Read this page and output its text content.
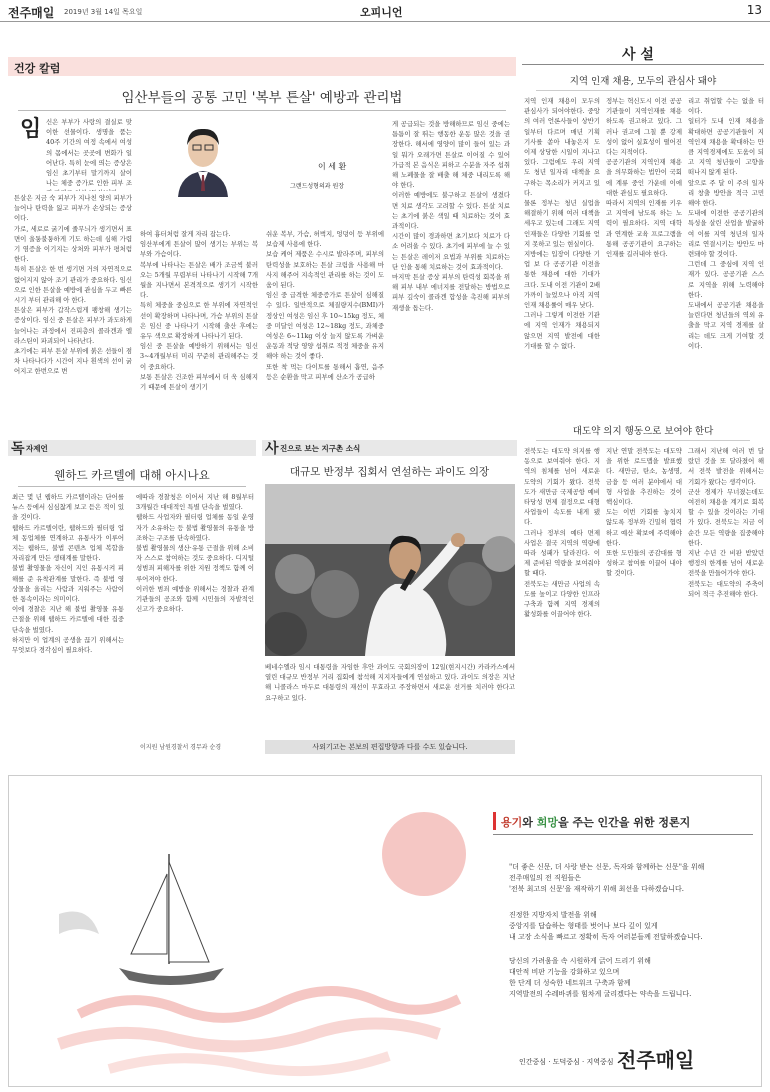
전주매일 2019년 3월 14일 목요일	오피니언	13
건강 칼럼
임산부들의 공통 고민 '복부 튼살' 예방과 관리법
임 신은 부부가 사랑의 결실로 맞이한 선물이다. 생명을 품는 40주 기간의 여정 속에서 여성의 몸에서는 곳곳에 변화가 일어난다. 특히 눈에 띄는 증상은 임신 초기부터 말기까지 살이 나는 체중 증가로 인한 피부 조
이 세 환
그랜드성형의과 원장
튼살은 지금 숙 피부가 지나친 양의 피부가 늘어나 탄력을 잃고 피부가 손상되는 증상이다.
가로, 세로로 굵기에 줄무늬가 생기면서 표면이 울퉁불퉁하게 기도 하는데 심해 가렵기 염증을 이기지는 상처와 피부가 평처럼 한다.
특히 튼살은 한 번 생기면 거의 자연적으로 없어지지 않아 조기 관리가 중요하다. 임신으로 인한 튼살을 예방에 관심을 두고 빠른 시기 부터 관리해 아 한다.
튼살은 피부가 갑작스럽게 팽창해 생기는 증상이다. 임신 중 튼살은 피부가 과도하게 늘어나는 과정에서 진피층의 콜라겐과 엘라스틴이 파괴되어 나타난다.
초기에는 피부 튼살 부위에 붉은 선들이 점차 나타나다가 시간이 지나 흰색의 선이 굵어지고 한번으로 변
하여 흉터처럼 잘게 자리 잡는다.
임산부에게 튼살이 많이 생기는 부위는 복부와 가슴이다.
복부에 나타나는 튼살은 배가 조금씩 불러오는 5개월 무렵부터 나타나기 시작해 7개월을 지나면서 본격적으로 생기기 시작한다.
특히 체중을 중심으로 한 부위에 자연적인 선이 확장하며 나타나며, 가슴 부위의 튼살은 임신 중 나타나기 시작해 출산 후에는 유두 색으로 확장하게 나타나기 된다.
임신 중 튼살을 예방하기 위해서는 임신 3~4개월부터 미리 꾸준히 관리해주는 것이 중요하다.
보통 튼살은 건조한 피부에서 더 욱 심해지기 때문에 튼살이 생기기
쉬운 복부, 가슴, 허벅지, 엉덩이 등 부위에 보습제 사용에 한다.
보습 케어 제품은 수시로 발라주며, 피부의 탄력성을 보호하는 튼살 크림을 사용해 마사지 해주어 지속적인 관리를 하는 것이 도움이 된다.
임신 중 급격한 체중증가로 튼살이 심해질 수 있다. 일반적으로 체질량지수(BMI)가 정상인 여성은 임신 후 10~15kg 정도, 체중 미달인 여성은 12~18kg 정도, 과체중 여성은 6~11kg 이상 늘지 않도록 가벼운 운동과 적당 영양 섭취로 적정 체중을 유지해야 하는 것이 좋다.
또한 착 먹는 다이트를 통해서 흡연, 음주 등은 순환을 막고 피부에 산소가 공급하
게 공급되는 것을 방해하므로 임신 중에는 틈틈이 잘 뛰는 행동한 운동 많은 것을 권장한다. 해서에 영양이 많이 들어 있는 과일 뭐가 오래가면 튼살로 이어질 수 있어 가급적 본 음식은 피하고 수분을 자주 섭취해 노폐물을 잘 배출 해 체중 내리도록 해야 한다.
이러한 예방에도 불구하고 튼살이 생겼다면 치료 생각도 고려할 수 있다. 튼살 치료는 초기에 붉은 색일 때 치료하는 것이 효과적이다.
시간이 많이 경과하면 초기보다 치료가 다소 어려울 수 있다. 초기에 피부에 늘 수 있는 튼살은 레이저 요법과 부위를 치료하는 단 인을 통해 치료하는 것이 효과적이다.
마지막 튼살 증상 피부의 탄력성 회복을 위해 피부 내부 에너지를 전달하는 방법으로 피부 깊숙이 콜라겐 합성을 촉진해 피부의 재생을 돕는다.
사 설
지역 인재 채용, 모두의 관심사 돼야
지역 인재 채용이 모두의 관심사가 되어야한다. 중앙의 여러 언론사들이 상반기 일부터 다르며 매년 기획 기사를 쏟아 내놓은지 도 이제 상당한 시일이 지나고 있다. 그럼에도 우리 지역도 청년 일자리 대책을 요구하는 목소리가 커지고 있다.
물론 정부는 청년 실업을 해결하기 위해 여러 대책을 세우고 있는데 그래도 지역인재들은 다양한 기회를 얻지 못하고 있는 현실이다.
지방에는 입장이 다양한 기업 보 다 공공기관 이전을 통한 채용에 대한 기대가 크다. 도내 이전 기관이 2배 가까이 늘었으나 아직 지역인재 채용률이 매우 낮다.
그러나 그렇게 이전한 기관에 지역 인재가 채용되지 않으면 지역 발전에 대한 기대를 할 수 없다.
정부는 혁신도시 이전 공공기관들이 지역인재를 채용하도록 권고하고 있다. 그러나 권고에 그칠 뿐 강제성이 없어 실효성이 떨어진다는 지적이다.
공공기관의 지역인재 채용을 의무화하는 법안이 국회에 계류 중인 가운데 이에 대한 관심도 필요하다.
따라서 지역의 인재를 키우고 지역에 남도록 하는 노력이 필요하다. 지역 대학과 연계한 교육 프로그램을 통해 공공기관이 요구하는 인재를 길러내야 한다.
리고 취업할 수는 없을 터이다.
일터가 도내 인재 채용을 확대하면 공공기관들이 지역인재 채용을 확대하는 만큼 지역경제에도 도움이 되고 지역 청년들이 고향을 떠나지 않게 된다.
앞으로 주 달 이 주의 일자리 창출 방안을 적극 고민해야 한다.
도내에 이전한 공공기관의 특성을 살린 산업을 발굴하여 이를 지역 청년의 일자리로 연결시키는 방안도 마련돼야 할 것이다.
그런데 그 중심에 지역 인재가 있다. 공공기관 스스로 지역을 위해 노력해야 한다.
도내에서 공공기관 채용을 늘린다면 청년들의 역외 유출을 막고 지역 경제를 살리는 데도 크게 기여할 것이다.
대도약 의지 행동으로 보여야 한다
전북도는 대도약 의지를 행동으로 보여줘야 한다. 지역의 침체를 넘어 새로운 도약의 기회가 왔다. 전북도가 새만금 국제공항 예비타당성 면제 결정으로 대형 사업들이 속도를 내게 됐다.
그러나 정부의 예타 면제 사업은 결국 지역의 역량에 따라 성패가 달라진다. 이제 준비된 역량을 보여줘야 할 때다.
전북도는 새만금 사업의 속도를 높이고 다양한 인프라 구축과 함께 지역 경제의 활성화를 이끌어야 한다.
지난 연말 전북도는 대도약을 위한 로드맵을 발표했다. 새만금, 탄소, 농생명, 금융 등 여러 분야에서 대형 사업을 추진하는 것이 핵심이다.
도는 이번 기회를 놓치지 않도록 정부와 긴밀히 협력하고 예산 확보에 주력해야 한다.
또한 도민들의 공감대를 형성하고 참여를 이끌어 내야 할 것이다.
그래서 지난해 여러 번 달랐던 것을 또 달라졌어 해서 전북 발전을 위해서는 기회가 왔다는 생각이다.
군산 경제가 무너졌는데도 여전히 채용을 계기로 회복할 수 있을 것이라는 기대가 있다. 전북도는 지금 이 순간 모든 역량을 집중해야 한다.
지난 수년 간 비판 받았던 행정의 한계를 넘어 새로운 전북을 만들어가야 한다.
전북도는 대도약의 주축이 되어 적극 추진해야 한다.
독 자제언
웬하드 카르텔에 대해 아시나요
최근 몇 년 웹하드 카르텔이라는 단어를 뉴스 등에서 심심찮게 보고 듣은 적이 있을 것이다.
웹하드 카르텔이란, 웹하드와 필터링 업체 동업체를 연계하고 유통사가 이루어지는 웹하드, 불법 콘텐츠 업체 복합을 자리잡게 만든 생태계를 말한다.
불법 촬영물을 자신이 지인 유통시켜 피해를 준 유착관계를 말한다. 즉 불법 영상물을 올리는 사람과 지워주는 사람이 한 통속이라는 의미이다.
이에 경찰은 지난 해 불법 촬영물 유통 근절을 위해 웹하드 카르텔에 대한 집중 단속을 벌였다.
하지만 이 업계의 공생을 끊기 위해서는 무엇보다 경각심이 필요하다.
에따라 경찰청은 이어서 지난 해 8월부터 3개월간 대대적인 특별 단속을 벌였다.
웹하드 사업자와 필터링 업체를 동일 운영자가 소유하는 등 불법 촬영물의 유통을 방조하는 구조를 단속하였다.
불법 촬영물의 생산·유통 근절을 위해 소비자 스스로 참여하는 것도 중요하다. 디지털 성범죄 피해자를 위한 지원 정책도 함께 이루어져야 한다.
이러한 범죄 예방을 위해서는 경찰과 관계 기관들의 공조와 함께 시민들의 자발적인 신고가 중요하다.
이지원 남원경찰서 경무과 순경
사 진으로 보는 지구촌 소식
대규모 반정부 집회서 연설하는 과이도 의장
베네수엘라 임시 대통령을 자임한 후안 과이도 국회의장이 12일(현지시간) 카라카스에서 열린 대규모 반정부 거리 집회에 참석해 지지자들에게 연설하고 있다. 과이도 의장은 지난해 니콜라스 마두로 대통령의 재선이 무효라고 주장하면서 새로운 선거를 치러야 한다고 요구하고 있다.
사외기고는 본보의 편집방향과 다를 수도 있습니다.
용기와 희망을 주는 인간을 위한 정론지
"더 좋은 신문, 더 사랑 받는 신문, 독자와 함께하는 신문"을 위해
전주매일의 전 직원들은
'전북 최고의 신문'을 재작하기 위해 최선을 다하겠습니다.
진정한 지방자치 발전을 위해
중앙지를 답습하는 형태를 벗어나 보다 깊이 있게
내 고장 소식을 빠르고 정확히 독자 여러분들께 전달하겠습니다.
당신의 가려움을 속 시원하게 긁어 드리기 위해
대안적 비판 기능을 강화하고 있으며
한 단계 더 성숙한 네트워크 구축과 함께
지역발전의 수레바퀴를 힘차게 굴리겠다는 약속을 드립니다.
인간중심 · 도덕중심 · 지역중심 전주매일
